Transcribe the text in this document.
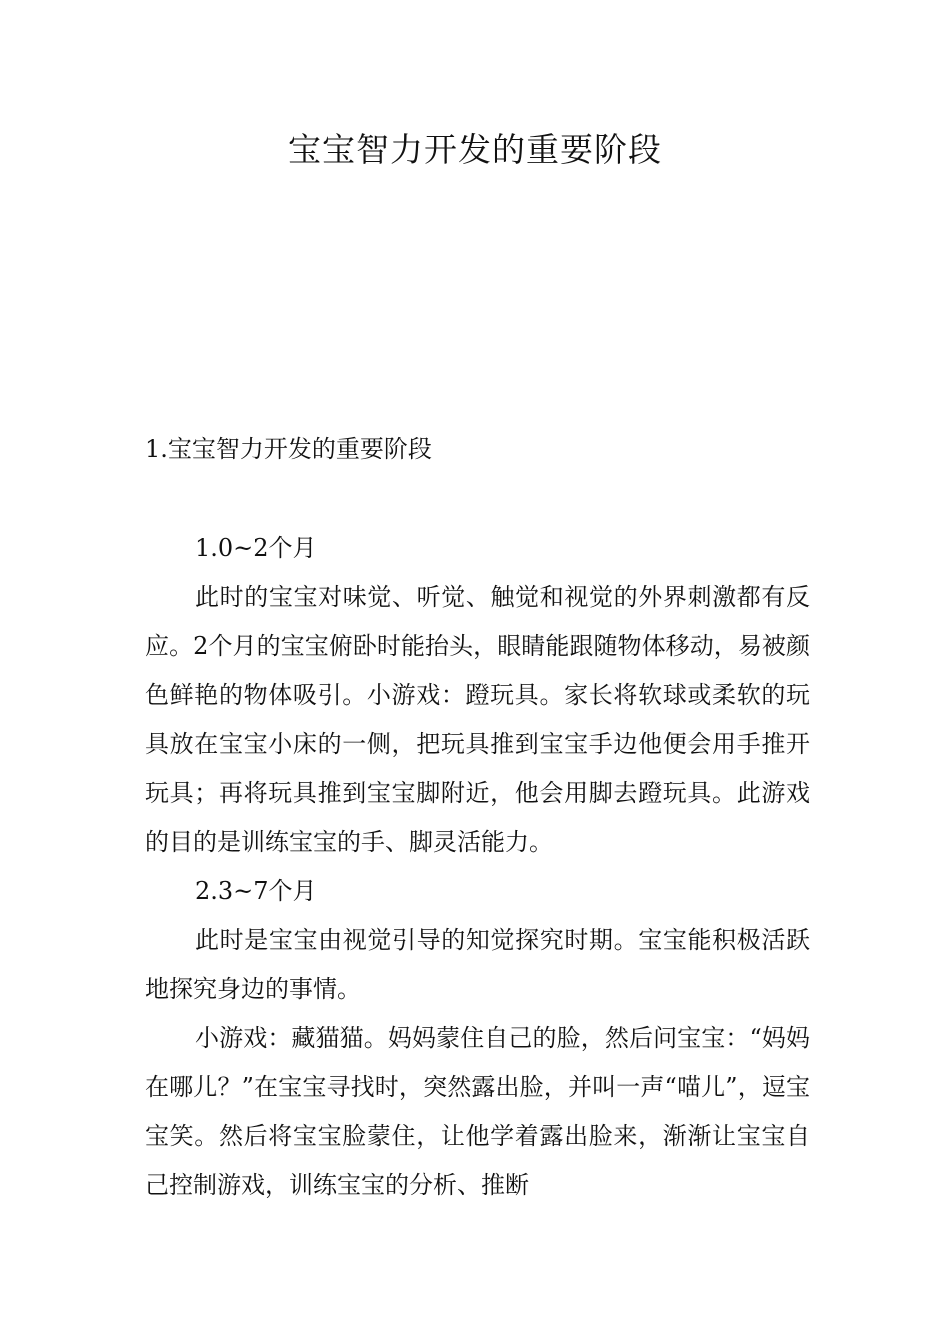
宝宝智力开发的重要阶段

1.宝宝智力开发的重要阶段

1.0~2个月

此时的宝宝对味觉、听觉、触觉和视觉的外界刺激都有反应。2个月的宝宝俯卧时能抬头，眼睛能跟随物体移动，易被颜色鲜艳的物体吸引。小游戏：蹬玩具。家长将软球或柔软的玩具放在宝宝小床的一侧，把玩具推到宝宝手边他便会用手推开玩具；再将玩具推到宝宝脚附近，他会用脚去蹬玩具。此游戏的目的是训练宝宝的手、脚灵活能力。

2.3~7个月

此时是宝宝由视觉引导的知觉探究时期。宝宝能积极活跃地探究身边的事情。

小游戏：藏猫猫。妈妈蒙住自己的脸，然后问宝宝：“妈妈在哪儿？”在宝宝寻找时，突然露出脸，并叫一声“喵儿”，逗宝宝笑。然后将宝宝脸蒙住，让他学着露出脸来，渐渐让宝宝自己控制游戏，训练宝宝的分析、推断
